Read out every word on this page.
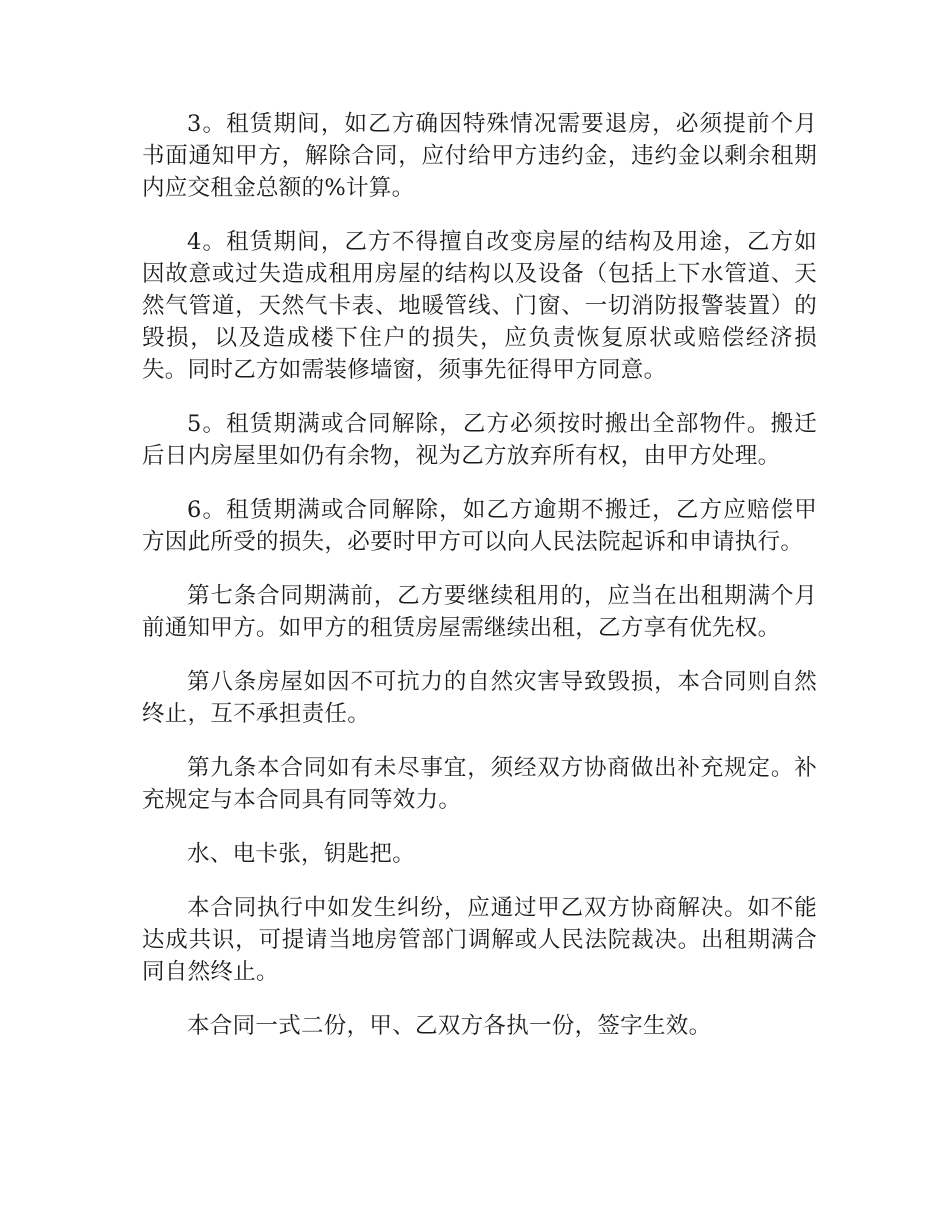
3。租赁期间，如乙方确因特殊情况需要退房，必须提前个月书面通知甲方，解除合同，应付给甲方违约金，违约金以剩余租期内应交租金总额的%计算。

4。租赁期间，乙方不得擅自改变房屋的结构及用途，乙方如因故意或过失造成租用房屋的结构以及设备（包括上下水管道、天然气管道，天然气卡表、地暖管线、门窗、一切消防报警装置）的毁损，以及造成楼下住户的损失，应负责恢复原状或赔偿经济损失。同时乙方如需装修墙窗，须事先征得甲方同意。

5。租赁期满或合同解除，乙方必须按时搬出全部物件。搬迁后日内房屋里如仍有余物，视为乙方放弃所有权，由甲方处理。

6。租赁期满或合同解除，如乙方逾期不搬迁，乙方应赔偿甲方因此所受的损失，必要时甲方可以向人民法院起诉和申请执行。

第七条合同期满前，乙方要继续租用的，应当在出租期满个月前通知甲方。如甲方的租赁房屋需继续出租，乙方享有优先权。

第八条房屋如因不可抗力的自然灾害导致毁损，本合同则自然终止，互不承担责任。

第九条本合同如有未尽事宜，须经双方协商做出补充规定。补充规定与本合同具有同等效力。

水、电卡张，钥匙把。

本合同执行中如发生纠纷，应通过甲乙双方协商解决。如不能达成共识，可提请当地房管部门调解或人民法院裁决。出租期满合同自然终止。

本合同一式二份，甲、乙双方各执一份，签字生效。
